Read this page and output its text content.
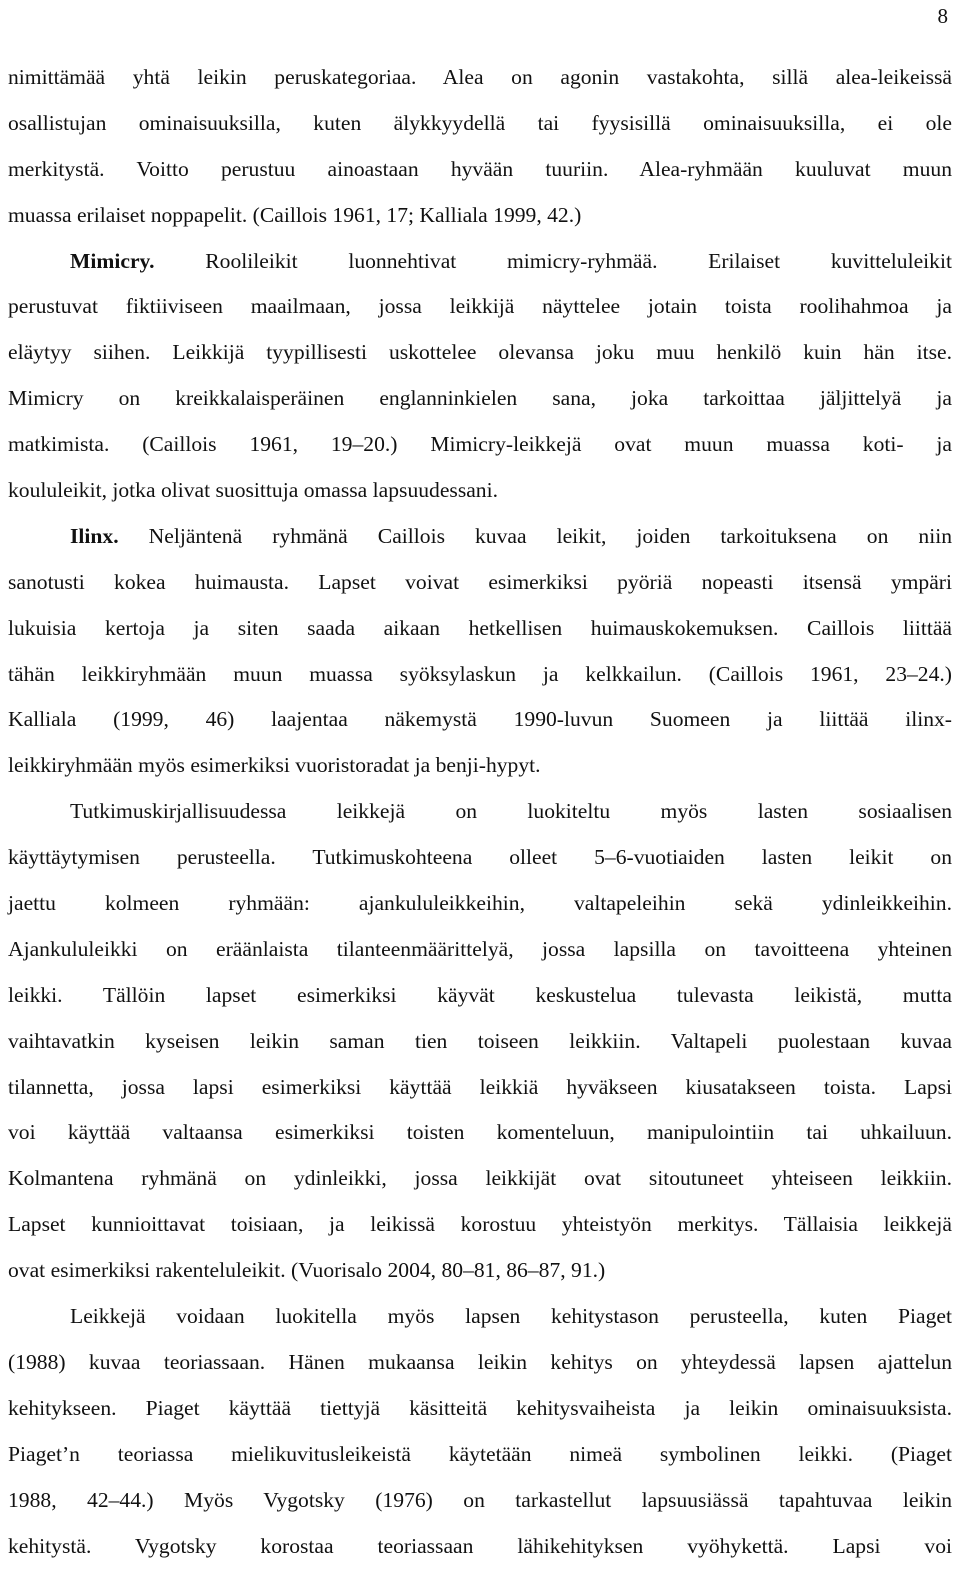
8
nimittämää yhtä leikin peruskategoriaa. Alea on agonin vastakohta, sillä alea-leikeissä
osallistujan ominaisuuksilla, kuten älykkyydellä tai fyysisillä ominaisuuksilla, ei ole
merkitystä. Voitto perustuu ainoastaan hyvään tuuriin. Alea-ryhmään kuuluvat muun
muassa erilaiset noppapelit. (Caillois 1961, 17; Kalliala 1999, 42.)
Mimicry. Roolileikit luonnehtivat mimicry-ryhmää. Erilaiset kuvitteluleikit
perustuvat fiktiiviseen maailmaan, jossa leikkijä näyttelee jotain toista roolihahmoa ja
eläytyy siihen. Leikkijä tyypillisesti uskottelee olevansa joku muu henkilö kuin hän itse.
Mimicry on kreikkalaisperäinen englanninkielen sana, joka tarkoittaa jäljittelyä ja
matkimista. (Caillois 1961, 19–20.) Mimicry-leikkejä ovat muun muassa koti- ja
koululeikit, jotka olivat suosittuja omassa lapsuudessani.
Ilinx. Neljäntenä ryhmänä Caillois kuvaa leikit, joiden tarkoituksena on niin
sanotusti kokea huimausta. Lapset voivat esimerkiksi pyöriä nopeasti itsensä ympäri
lukuisia kertoja ja siten saada aikaan hetkellisen huimauskokemuksen. Caillois liittää
tähän leikkiryhmään muun muassa syöksylaskun ja kelkkailun. (Caillois 1961, 23–24.)
Kalliala (1999, 46) laajentaa näkemystä 1990-luvun Suomeen ja liittää ilinx-
leikkiryhmään myös esimerkiksi vuoristoradat ja benji-hypyt.
Tutkimuskirjallisuudessa leikkejä on luokiteltu myös lasten sosiaalisen
käyttäytymisen perusteella. Tutkimuskohteena olleet 5–6-vuotiaiden lasten leikit on
jaettu kolmeen ryhmään: ajankululeikkeihin, valtapeleihin sekä ydinleikkeihin.
Ajankululeikki on eräänlaista tilanteenmäärittelyä, jossa lapsilla on tavoitteena yhteinen
leikki. Tällöin lapset esimerkiksi käyvät keskustelua tulevasta leikistä, mutta
vaihtavatkin kyseisen leikin saman tien toiseen leikkiin. Valtapeli puolestaan kuvaa
tilannetta, jossa lapsi esimerkiksi käyttää leikkiä hyväkseen kiusatakseen toista. Lapsi
voi käyttää valtaansa esimerkiksi toisten komenteluun, manipulointiin tai uhkailuun.
Kolmantena ryhmänä on ydinleikki, jossa leikkijät ovat sitoutuneet yhteiseen leikkiin.
Lapset kunnioittavat toisiaan, ja leikissä korostuu yhteistyön merkitys. Tällaisia leikkejä
ovat esimerkiksi rakenteluleikit. (Vuorisalo 2004, 80–81, 86–87, 91.)
Leikkejä voidaan luokitella myös lapsen kehitystason perusteella, kuten Piaget
(1988) kuvaa teoriassaan. Hänen mukaansa leikin kehitys on yhteydessä lapsen ajattelun
kehitykseen. Piaget käyttää tiettyjä käsitteitä kehitysvaiheista ja leikin ominaisuuksista.
Piaget’n teoriassa mielikuvitusleikeistä käytetään nimeä symbolinen leikki. (Piaget
1988, 42–44.) Myös Vygotsky (1976) on tarkastellut lapsuusiässä tapahtuvaa leikin
kehitystä. Vygotsky korostaa teoriassaan lähikehityksen vyöhykettä. Lapsi voi
